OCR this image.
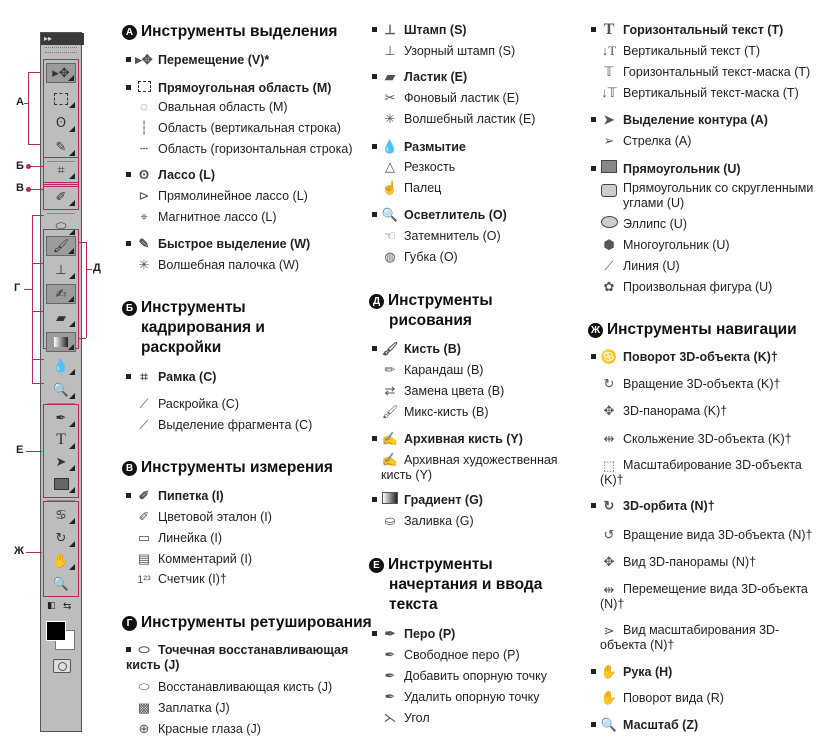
▸▸
▸✥
ʘ
✎
⌗
✐
⬭
🖌
⊥
✍
▰
💧
🔍
✒
T
➤
♋
↻
✋
🔍
◧ ⇆
А
Б
В
Г
Д
Е
Ж
A Инструменты выделения
▸✥ Перемещение (V)*
Прямоугольная область (M)
◌ Овальная область (M)
┆ Область (вертикальная строка)
┄ Область (горизонтальная строка)
ʘ Лассо (L)
⊳ Прямолинейное лассо (L)
⌖ Магнитное лассо (L)
✎ Быстрое выделение (W)
✳ Волшебная палочка (W)
Б Инструменты
кадрирования и
раскройки
⌗ Рамка (C)
⟋ Раскройка (C)
⟋ Выделение фрагмента (C)
В Инструменты измерения
✐ Пипетка (I)
✐ Цветовой эталон (I)
▭ Линейка (I)
▤ Комментарий (I)
1²³ Счетчик (I)†
Г Инструменты ретуширования
⬭ Точечная восстанавливающая кисть (J)
⬭ Восстанавливающая кисть (J)
▩ Заплатка (J)
⊕ Красные глаза (J)
⊥ Штамп (S)
⊥ Узорный штамп (S)
▰ Ластик (E)
✂ Фоновый ластик (E)
✳ Волшебный ластик (E)
💧 Размытие
△ Резкость
☝ Палец
🔍 Осветлитель (O)
☜ Затемнитель (O)
◍ Губка (O)
Д Инструменты
рисования
🖌 Кисть (B)
✏ Карандаш (B)
⇄ Замена цвета (B)
🖌 Микс-кисть (B)
✍ Архивная кисть (Y)
✍ Архивная художественная кисть (Y)
Градиент (G)
⛀ Заливка (G)
Е Инструменты
начертания и ввода
текста
✒ Перо (P)
✒ Свободное перо (P)
✒ Добавить опорную точку
✒ Удалить опорную точку
⋋ Угол
T Горизонтальный текст (T)
↓T Вертикальный текст (T)
𝕋 Горизонтальный текст-маска (T)
↓𝕋 Вертикальный текст-маска (T)
➤ Выделение контура (A)
➢ Стрелка (A)
Прямоугольник (U)
Прямоугольник со скругленными углами (U)
Эллипс (U)
⬢ Многоугольник (U)
⟋ Линия (U)
✿ Произвольная фигура (U)
Ж Инструменты навигации
♋ Поворот 3D-объекта (K)†
↻ Вращение 3D-объекта (K)†
✥ 3D-панорама (K)†
⇹ Скольжение 3D-объекта (K)†
⬚ Масштабирование 3D-объекта (K)†
↻ 3D-орбита (N)†
↺ Вращение вида 3D-объекта (N)†
✥ Вид 3D-панорамы (N)†
⇹ Перемещение вида 3D-объекта (N)†
⋗ Вид масштабирования 3D-объекта (N)†
✋ Рука (H)
✋ Поворот вида (R)
🔍 Масштаб (Z)
